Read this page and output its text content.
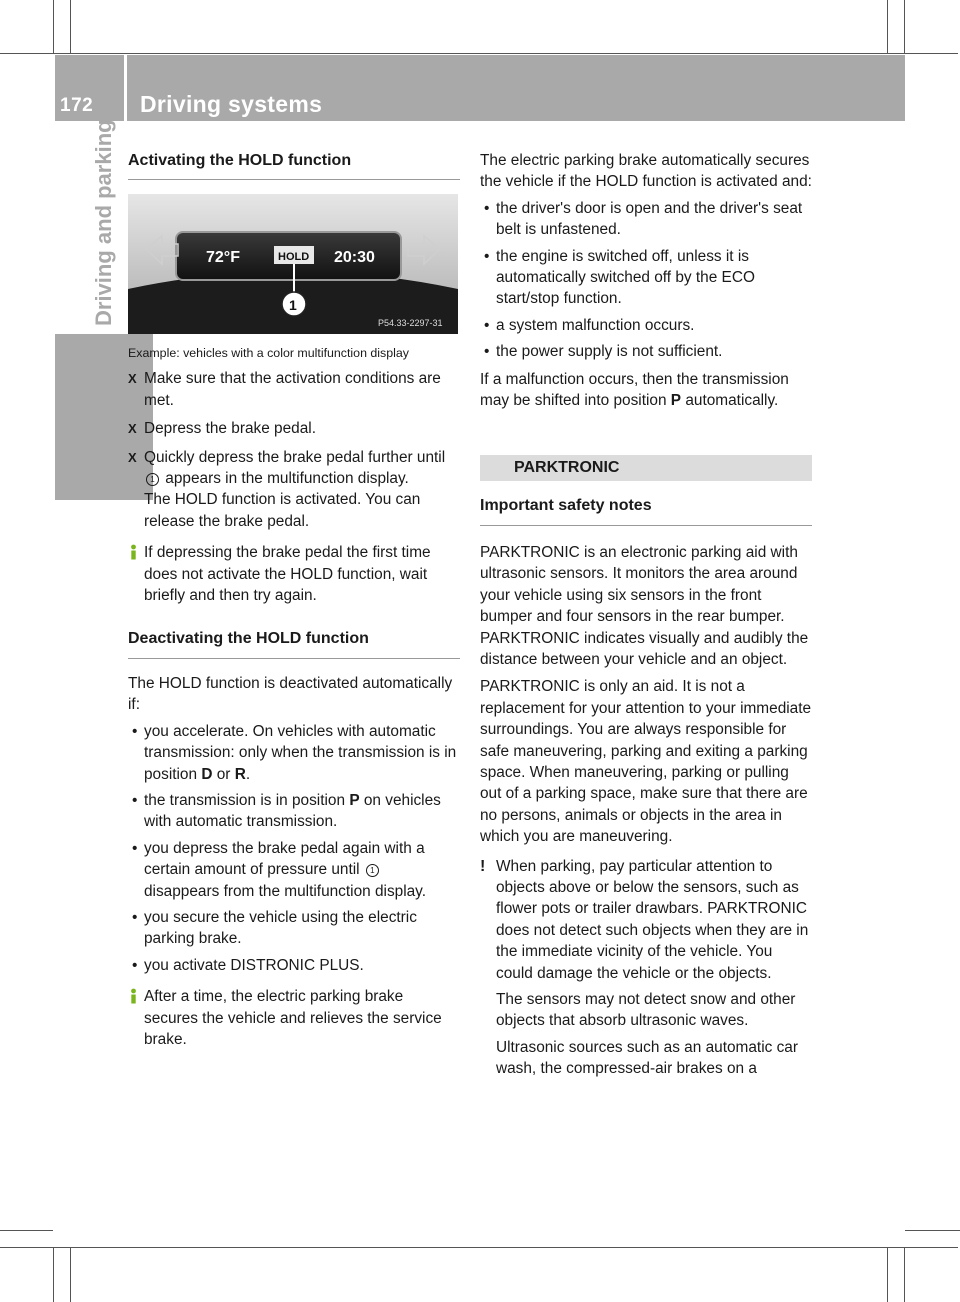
172 Driving systems
Driving and parking Activating the HOLD function
72°F	HOLD 20:30
1
P54.33-2297-31
Example: vehicles with a color multifunction display
X Make sure that the activation conditions are met.
X Depress the brake pedal.
X Quickly depress the brake pedal further until 1 appears in the multifunction display.
The HOLD function is activated. You can release the brake pedal.
If depressing the brake pedal the first time does not activate the HOLD function, wait briefly and then try again.
Deactivating the HOLD function
The HOLD function is deactivated automatically if:
• you accelerate. On vehicles with automatic transmission: only when the transmission is in position D or R.
• the transmission is in position P on vehicles with automatic transmission.
• you depress the brake pedal again with a certain amount of pressure until 1 disappears from the multifunction display.
• you secure the vehicle using the electric parking brake.
• you activate DISTRONIC PLUS.
After a time, the electric parking brake secures the vehicle and relieves the service brake.
The electric parking brake automatically secures the vehicle if the HOLD function is activated and:
• the driver's door is open and the driver's seat belt is unfastened.
• the engine is switched off, unless it is automatically switched off by the ECO start/stop function.
• a system malfunction occurs.
• the power supply is not sufficient.
If a malfunction occurs, then the transmission may be shifted into position P automatically.
PARKTRONIC
Important safety notes
PARKTRONIC is an electronic parking aid with ultrasonic sensors. It monitors the area around your vehicle using six sensors in the front bumper and four sensors in the rear bumper. PARKTRONIC indicates visually and audibly the distance between your vehicle and an object.
PARKTRONIC is only an aid. It is not a replacement for your attention to your immediate surroundings. You are always responsible for safe maneuvering, parking and exiting a parking space. When maneuvering, parking or pulling out of a parking space, make sure that there are no persons, animals or objects in the area in which you are maneuvering.
! When parking, pay particular attention to objects above or below the sensors, such as flower pots or trailer drawbars. PARKTRONIC does not detect such objects when they are in the immediate vicinity of the vehicle. You could damage the vehicle or the objects.
The sensors may not detect snow and other objects that absorb ultrasonic waves.
Ultrasonic sources such as an automatic car wash, the compressed-air brakes on a
